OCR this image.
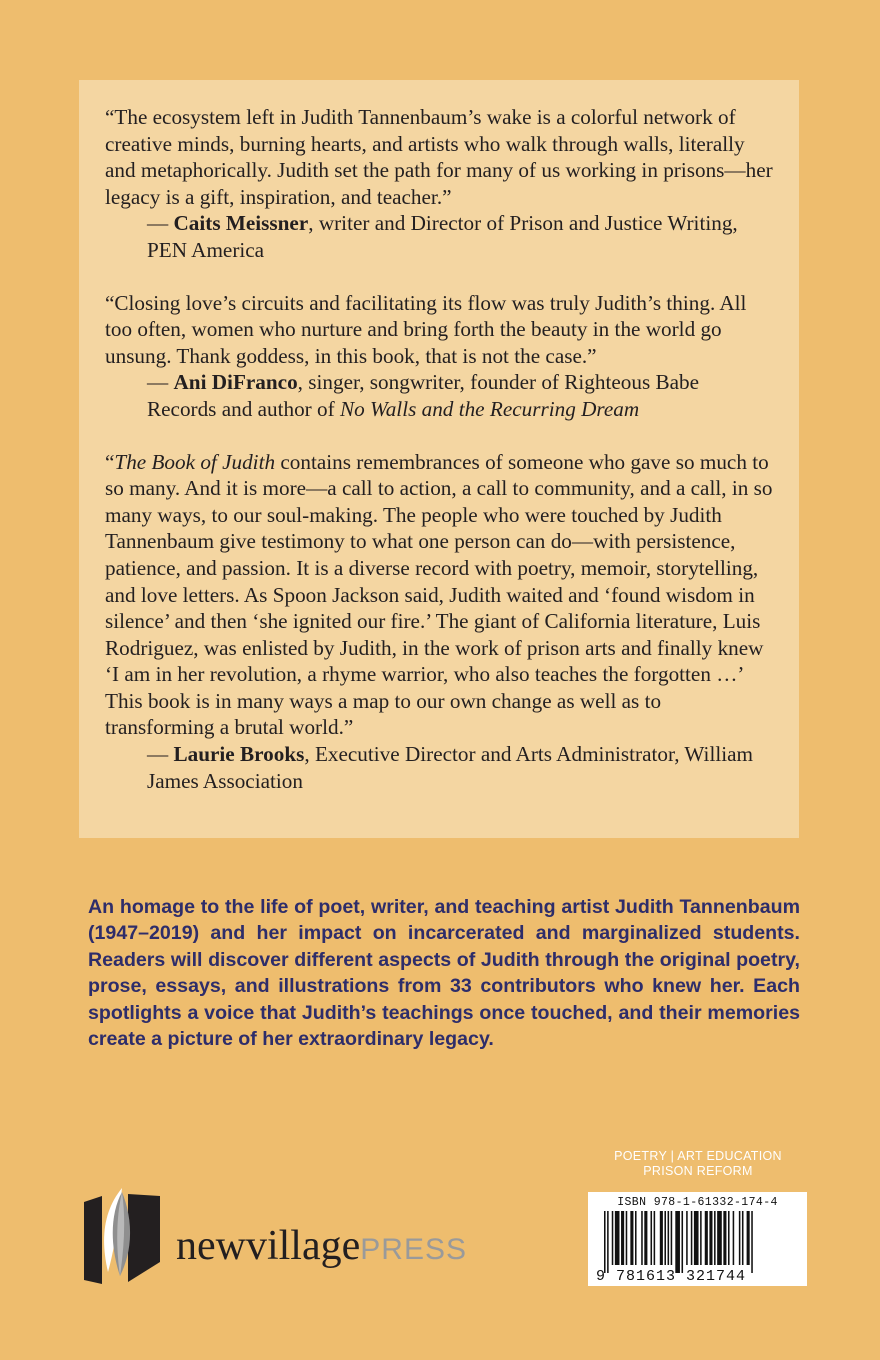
“The ecosystem left in Judith Tannenbaum’s wake is a colorful network of creative minds, burning hearts, and artists who walk through walls, literally and metaphorically. Judith set the path for many of us working in prisons—her legacy is a gift, inspiration, and teacher.”

— Caits Meissner, writer and Director of Prison and Justice Writing, PEN America

“Closing love’s circuits and facilitating its flow was truly Judith’s thing. All too often, women who nurture and bring forth the beauty in the world go unsung. Thank goddess, in this book, that is not the case.”

— Ani DiFranco, singer, songwriter, founder of Righteous Babe Records and author of No Walls and the Recurring Dream

“The Book of Judith contains remembrances of someone who gave so much to so many. And it is more—a call to action, a call to community, and a call, in so many ways, to our soul-making. The people who were touched by Judith Tannenbaum give testimony to what one person can do—with persistence, patience, and passion. It is a diverse record with poetry, memoir, storytelling, and love letters. As Spoon Jackson said, Judith waited and ‘found wisdom in silence’ and then ‘she ignited our fire.’ The giant of California literature, Luis Rodriguez, was enlisted by Judith, in the work of prison arts and finally knew ‘I am in her revolution, a rhyme warrior, who also teaches the forgotten …’ This book is in many ways a map to our own change as well as to transforming a brutal world.”

— Laurie Brooks, Executive Director and Arts Administrator, William James Association

An homage to the life of poet, writer, and teaching artist Judith Tannenbaum (1947–2019) and her impact on incarcerated and marginalized students. Readers will discover different aspects of Judith through the original poetry, prose, essays, and illustrations from 33 contributors who knew her. Each spotlights a voice that Judith’s teachings once touched, and their memories create a picture of her extraordinary legacy.

POETRY | ART EDUCATION
PRISON REFORM
ISBN 978-1-61332-174-4
9 781613 321744
newvillagePRESS
